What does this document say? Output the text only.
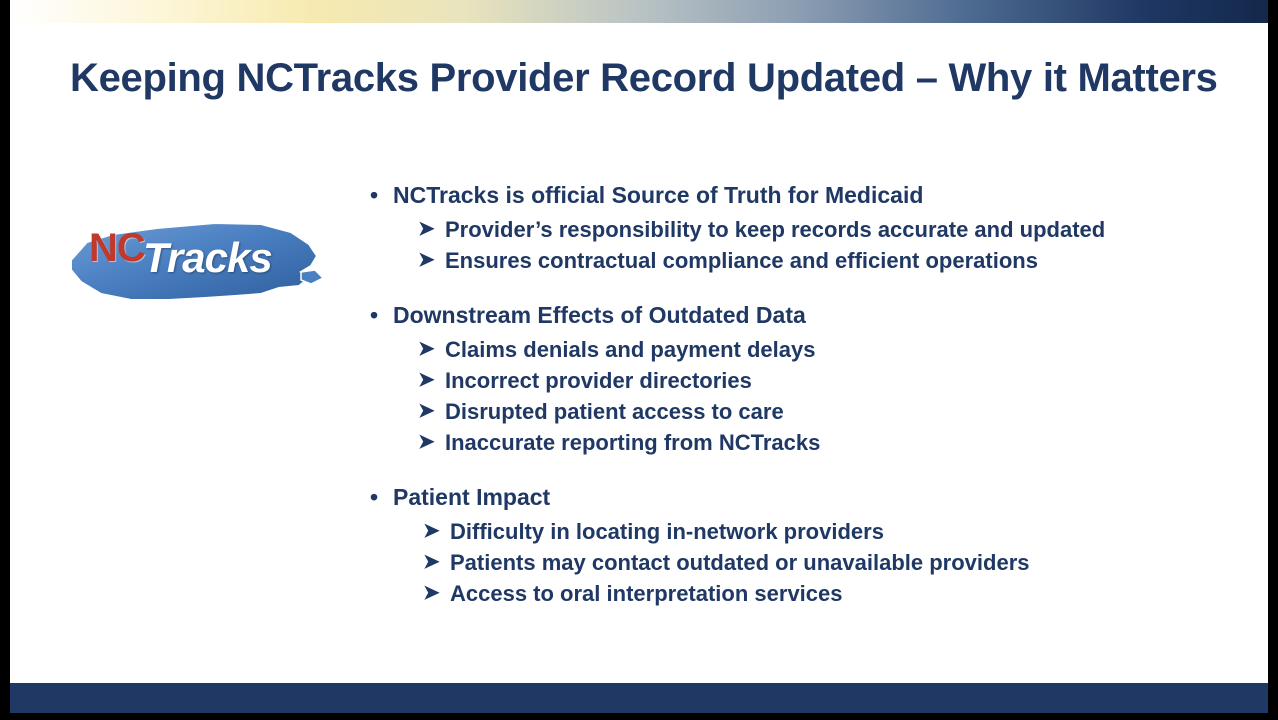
Keeping NCTracks Provider Record Updated – Why it Matters
NC
Tracks
• NCTracks is official Source of Truth for Medicaid
➤ Provider’s responsibility to keep records accurate and updated
➤ Ensures contractual compliance and efficient operations
• Downstream Effects of Outdated Data
➤ Claims denials and payment delays
➤ Incorrect provider directories
➤ Disrupted patient access to care
➤ Inaccurate reporting from NCTracks
• Patient Impact
➤ Difficulty in locating in-network providers
➤ Patients may contact outdated or unavailable providers
➤ Access to oral interpretation services
